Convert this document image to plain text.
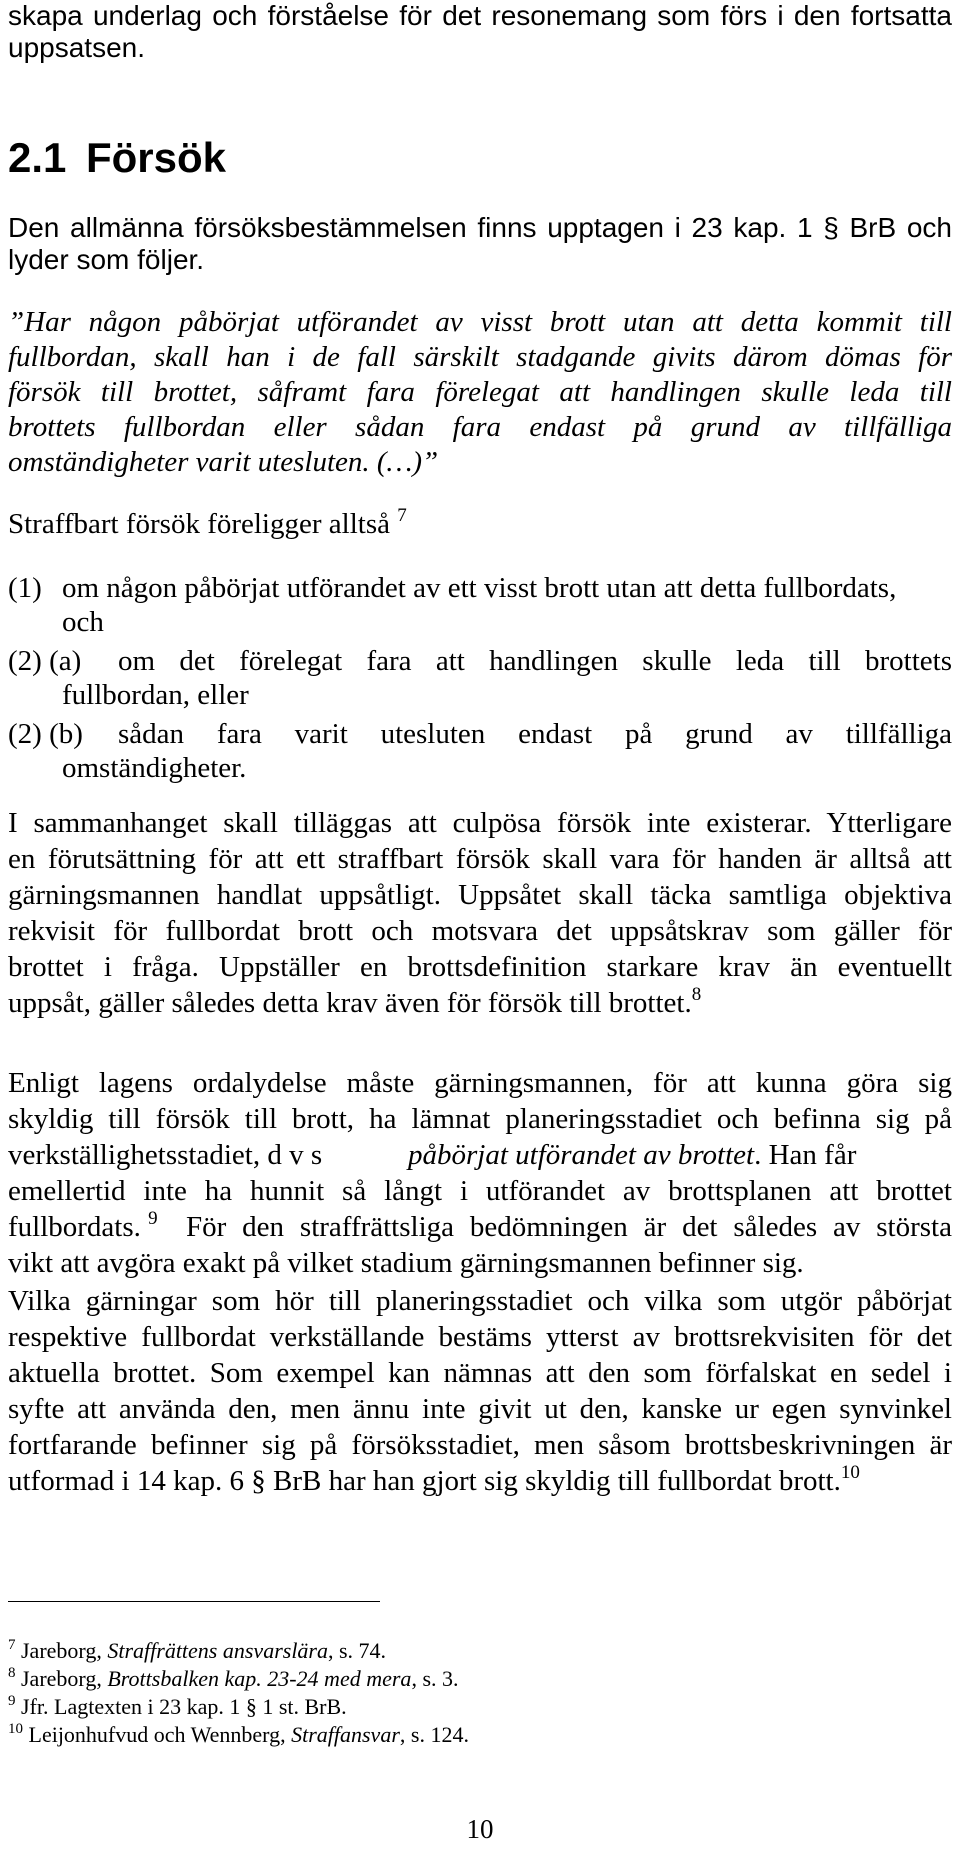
skapa underlag och förståelse för det resonemang som förs i den fortsatta
uppsatsen.
2.1 Försök
Den allmänna försöksbestämmelsen finns upptagen i 23 kap. 1 § BrB och
lyder som följer.
”Har någon påbörjat utförandet av visst brott utan att detta kommit till
fullbordan, skall han i de fall särskilt stadgande givits därom dömas för
försök till brottet, såframt fara förelegat att handlingen skulle leda till
brottets fullbordan eller sådan fara endast på grund av tillfälliga
omständigheter varit utesluten. (…)”
Straffbart försök föreligger alltså $^7$
(1) om någon påbörjat utförandet av ett visst brott utan att detta fullbordats,
och
(2) (a) om det förelegat fara att handlingen skulle leda till brottets
fullbordan, eller
(2) (b) sådan fara varit utesluten endast på grund av tillfälliga
omständigheter.
I sammanhanget skall tilläggas att culpösa försök inte existerar. Ytterligare
en förutsättning för att ett straffbart försök skall vara för handen är alltså att
gärningsmannen handlat uppsåtligt. Uppsåtet skall täcka samtliga objektiva
rekvisit för fullbordat brott och motsvara det uppsåtskrav som gäller för
brottet i fråga. Uppställer en brottsdefinition starkare krav än eventuellt
uppsåt, gäller således detta krav även för försök till brottet.$^8$
Enligt lagens ordalydelse måste gärningsmannen, för att kunna göra sig
skyldig till försök till brott, ha lämnat planeringsstadiet och befinna sig på
verkställighetsstadiet, d v s	påbörjat utförandet av brottet. Han får
emellertid inte ha hunnit så långt i utförandet av brottsplanen att brottet
fullbordats. $^9$ För den straffrättsliga bedömningen är det således av största
vikt att avgöra exakt på vilket stadium gärningsmannen befinner sig.
Vilka gärningar som hör till planeringsstadiet och vilka som utgör påbörjat
respektive fullbordat verkställande bestäms ytterst av brottsrekvisiten för det
aktuella brottet. Som exempel kan nämnas att den som förfalskat en sedel i
syfte att använda den, men ännu inte givit ut den, kanske ur egen synvinkel
fortfarande befinner sig på försöksstadiet, men såsom brottsbeskrivningen är
utformad i 14 kap. 6 § BrB har han gjort sig skyldig till fullbordat brott.$^{10}$
$^7$ Jareborg, Straffrättens ansvarslära, s. 74.
$^8$ Jareborg, Brottsbalken kap. 23-24 med mera, s. 3.
$^9$ Jfr. Lagtexten i 23 kap. 1 § 1 st. BrB.
$^{10}$ Leijonhufvud och Wennberg, Straffansvar, s. 124.
10
